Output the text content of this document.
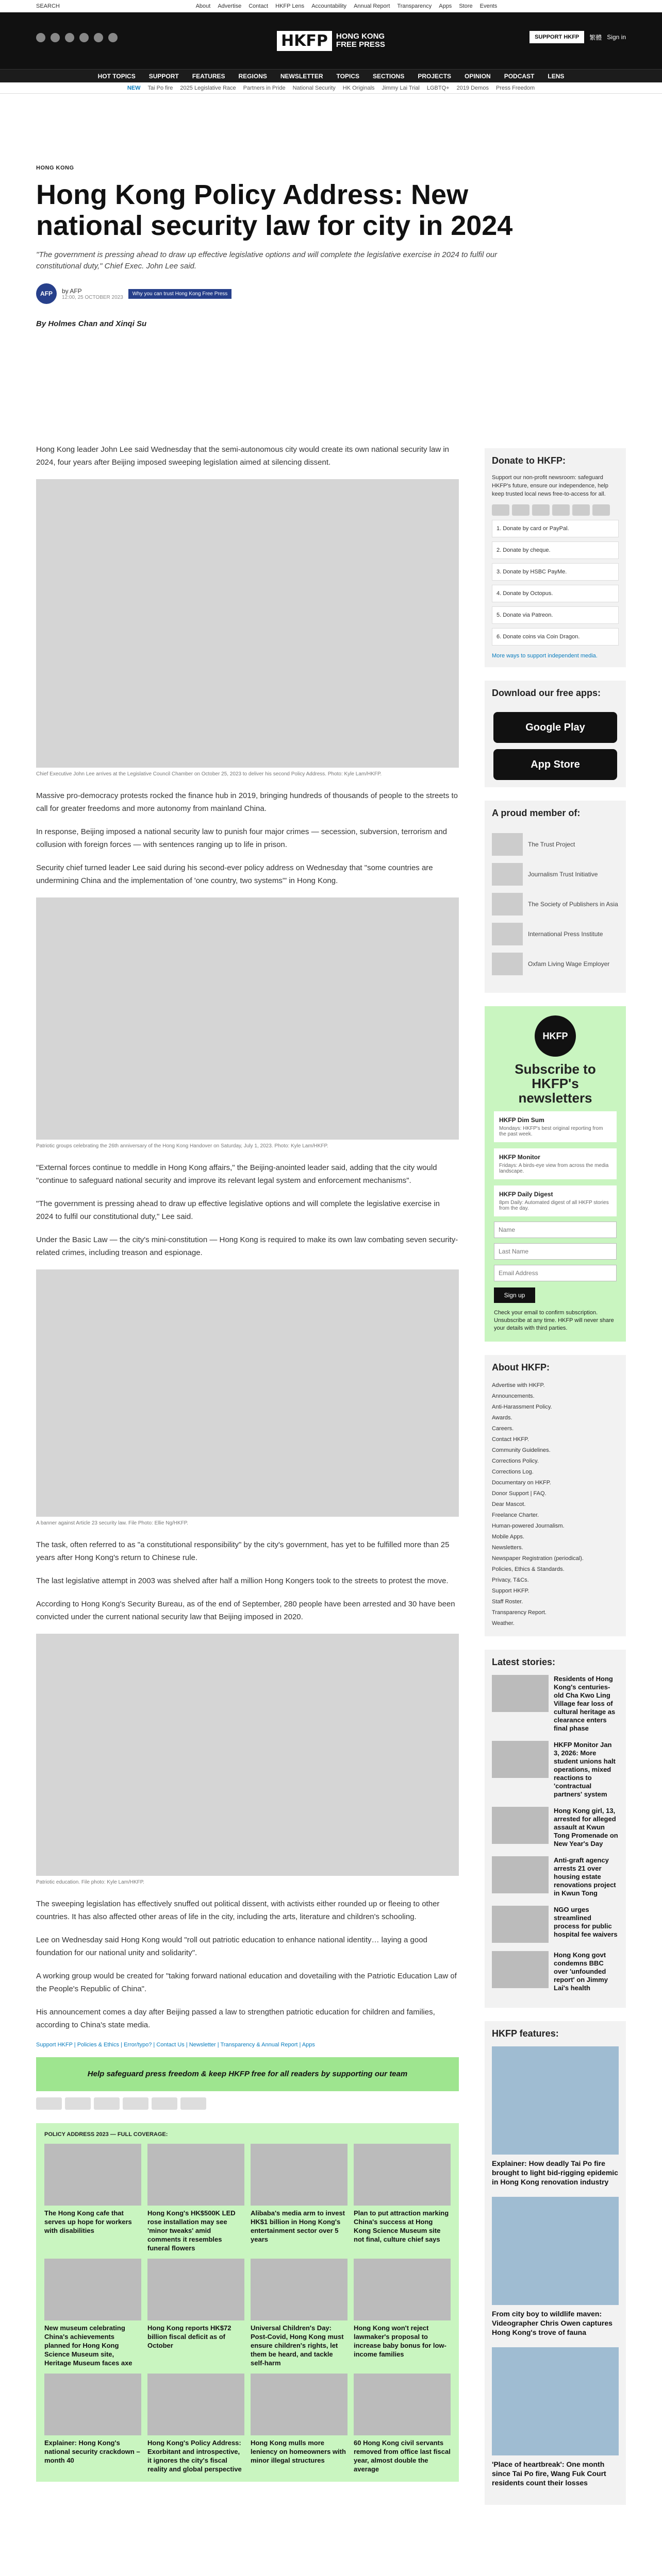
SEARCH	About Advertise Contact HKFP Lens Accountability Annual Report Transparency Apps Store Events
HKFP	HONG KONG
FREE PRESS
SUPPORT HKFP	繁體 Sign in
HOT TOPICS SUPPORT FEATURES REGIONS NEWSLETTER TOPICS SECTIONS PROJECTS OPINION PODCAST LENS
NEW Tai Po fire 2025 Legislative Race Partners in Pride National Security HK Originals Jimmy Lai Trial LGBTQ+ 2019 Demos Press Freedom
HONG KONG
Hong Kong Policy Address: New national security law for city in 2024
"The government is pressing ahead to draw up effective legislative options and will complete the legislative exercise in 2024 to fulfil our constitutional duty," Chief Exec. John Lee said.
AFP	by AFP
12:00, 25 OCTOBER 2023
Why you can trust Hong Kong Free Press
By Holmes Chan and Xinqi Su

Hong Kong leader John Lee said Wednesday that the semi-autonomous city would create its own national security law in 2024, four years after Beijing imposed sweeping legislation aimed at silencing dissent.

Chief Executive John Lee arrives at the Legislative Council Chamber on October 25, 2023 to deliver his second Policy Address. Photo: Kyle Lam/HKFP.

Massive pro-democracy protests rocked the finance hub in 2019, bringing hundreds of thousands of people to the streets to call for greater freedoms and more autonomy from mainland China.

In response, Beijing imposed a national security law to punish four major crimes — secession, subversion, terrorism and collusion with foreign forces — with sentences ranging up to life in prison.

Security chief turned leader Lee said during his second-ever policy address on Wednesday that "some countries are undermining China and the implementation of 'one country, two systems'" in Hong Kong.

Patriotic groups celebrating the 26th anniversary of the Hong Kong Handover on Saturday, July 1, 2023. Photo: Kyle Lam/HKFP.

"External forces continue to meddle in Hong Kong affairs," the Beijing-anointed leader said, adding that the city would "continue to safeguard national security and improve its relevant legal system and enforcement mechanisms".

"The government is pressing ahead to draw up effective legislative options and will complete the legislative exercise in 2024 to fulfil our constitutional duty," Lee said.

Under the Basic Law — the city's mini-constitution — Hong Kong is required to make its own law combating seven security-related crimes, including treason and espionage.

A banner against Article 23 security law. File Photo: Ellie Ng/HKFP.

The task, often referred to as "a constitutional responsibility" by the city's government, has yet to be fulfilled more than 25 years after Hong Kong's return to Chinese rule.

The last legislative attempt in 2003 was shelved after half a million Hong Kongers took to the streets to protest the move.

According to Hong Kong's Security Bureau, as of the end of September, 280 people have been arrested and 30 have been convicted under the current national security law that Beijing imposed in 2020.

Patriotic education. File photo: Kyle Lam/HKFP.

The sweeping legislation has effectively snuffed out political dissent, with activists either rounded up or fleeing to other countries. It has also affected other areas of life in the city, including the arts, literature and children's schooling.

Lee on Wednesday said Hong Kong would "roll out patriotic education to enhance national identity… laying a good foundation for our national unity and solidarity".

A working group would be created for "taking forward national education and dovetailing with the Patriotic Education Law of the People's Republic of China".

His announcement comes a day after Beijing passed a law to strengthen patriotic education for children and families, according to China's state media.

Support HKFP | Policies & Ethics | Error/typo? | Contact Us | Newsletter | Transparency & Annual Report | Apps
Help safeguard press freedom & keep HKFP free for all readers by supporting our team
POLICY ADDRESS 2023 — FULL COVERAGE:
The Hong Kong cafe that serves up hope for workers with disabilities
Hong Kong's HK$500K LED rose installation may see 'minor tweaks' amid comments it resembles funeral flowers
Alibaba's media arm to invest HK$1 billion in Hong Kong's entertainment sector over 5 years
Plan to put attraction marking China's success at Hong Kong Science Museum site not final, culture chief says
New museum celebrating China's achievements planned for Hong Kong Science Museum site, Heritage Museum faces axe
Hong Kong reports HK$72 billion fiscal deficit as of October
Universal Children's Day: Post-Covid, Hong Kong must ensure children's rights, let them be heard, and tackle self-harm
Hong Kong won't reject lawmaker's proposal to increase baby bonus for low-income families
Explainer: Hong Kong's national security crackdown – month 40
Hong Kong's Policy Address: Exorbitant and introspective, it ignores the city's fiscal reality and global perspective
Hong Kong mulls more leniency on homeowners with minor illegal structures
60 Hong Kong civil servants removed from office last fiscal year, almost double the average
Donate to HKFP:
Support our non-profit newsroom: safeguard HKFP's future, ensure our independence, help keep trusted local news free-to-access for all.
1. Donate by card or PayPal.
2. Donate by cheque.
3. Donate by HSBC PayMe.
4. Donate by Octopus.
5. Donate via Patreon.
6. Donate coins via Coin Dragon.
More ways to support independent media.
Download our free apps:
Google Play
App Store
A proud member of:
The Trust Project
Journalism Trust Initiative
The Society of Publishers in Asia
International Press Institute
Oxfam Living Wage Employer
HKFP
Subscribe to HKFP's newsletters
HKFP Dim Sum
Mondays: HKFP's best original reporting from the past week.
HKFP Monitor
Fridays: A birds-eye view from across the media landscape.
HKFP Daily Digest
8pm Daily: Automated digest of all HKFP stories from the day.
Name
Last Name
Email Address
Sign up
Check your email to confirm subscription. Unsubscribe at any time. HKFP will never share your details with third parties.
About HKFP:
Advertise with HKFP.
Announcements.
Anti-Harassment Policy.
Awards.
Careers.
Contact HKFP.
Community Guidelines.
Corrections Policy.
Corrections Log.
Documentary on HKFP.
Donor Support | FAQ.
Dear Mascot.
Freelance Charter.
Human-powered Journalism.
Mobile Apps.
Newsletters.
Newspaper Registration (periodical).
Policies, Ethics & Standards.
Privacy, T&Cs.
Support HKFP.
Staff Roster.
Transparency Report.
Weather.
Latest stories:
Residents of Hong Kong's centuries-old Cha Kwo Ling Village fear loss of cultural heritage as clearance enters final phase
HKFP Monitor Jan 3, 2026: More student unions halt operations, mixed reactions to 'contractual partners' system
Hong Kong girl, 13, arrested for alleged assault at Kwun Tong Promenade on New Year's Day
Anti-graft agency arrests 21 over housing estate renovations project in Kwun Tong
NGO urges streamlined process for public hospital fee waivers
Hong Kong govt condemns BBC over 'unfounded report' on Jimmy Lai's health
HKFP features:
Explainer: How deadly Tai Po fire brought to light bid-rigging epidemic in Hong Kong renovation industry
From city boy to wildlife maven: Videographer Chris Owen captures Hong Kong's trove of fauna
'Place of heartbreak': One month since Tai Po fire, Wang Fuk Court residents count their losses
